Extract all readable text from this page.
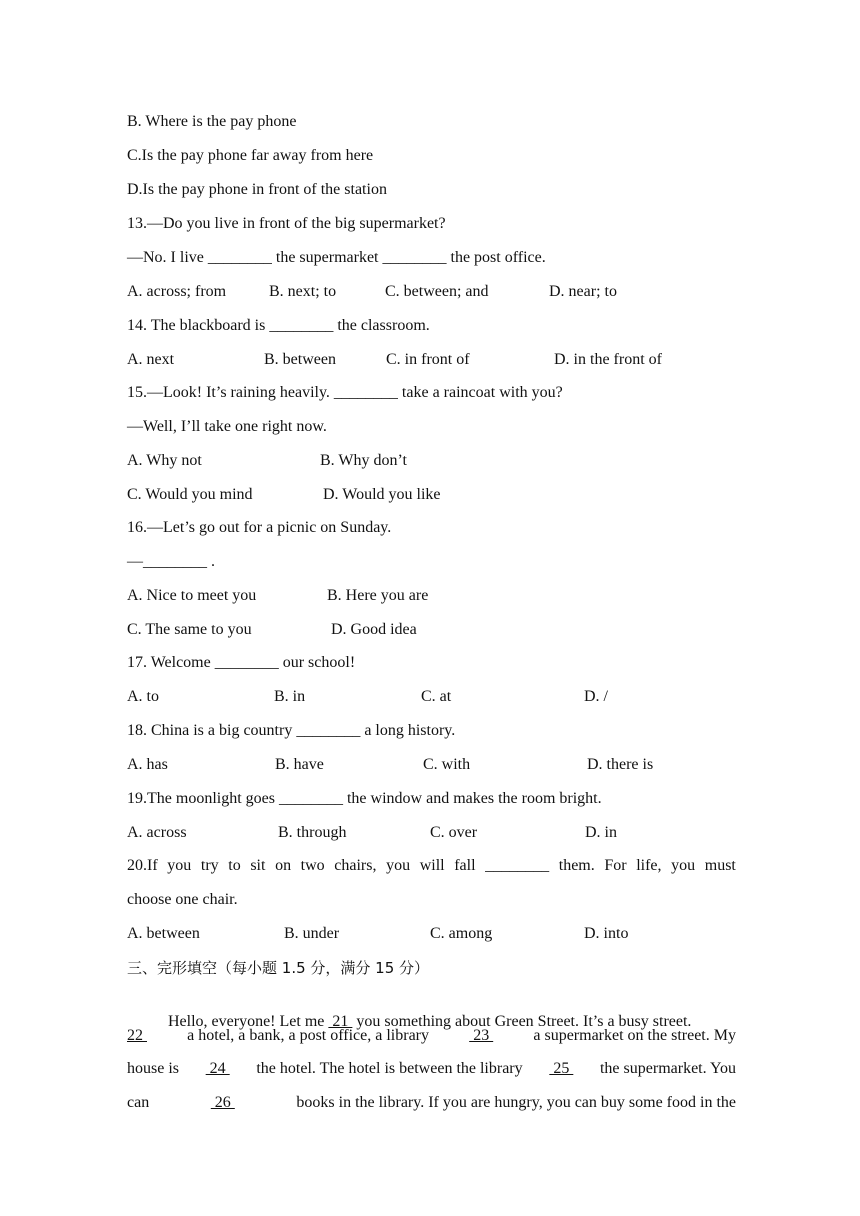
B. Where is the pay phone
C.Is the pay phone far away from here
D.Is the pay phone in front of the station
13.—Do you live in front of the big supermarket?
—No. I live ________ the supermarket ________ the post office.
A. across; from	B. next; to	C. between; and	D. near; to
14. The blackboard is ________ the classroom.
A. next	B. between	C. in front of	D. in the front of
15.—Look! It’s raining heavily. ________ take a raincoat with you?
—Well, I’ll take one right now.
A. Why not	B. Why don’t
C. Would you mind	D. Would you like
16.—Let’s go out for a picnic on Sunday.
—________ .
A. Nice to meet you	B. Here you are
C. The same to you	D. Good idea
17. Welcome ________ our school!
A. to	B. in	C. at	D. /
18. China is a big country ________ a long history.
A. has	B. have	C. with	D. there is
19.The moonlight goes ________ the window and makes the room bright.
A. across	B. through	C. over	D. in
20.If you try to sit on two chairs, you will fall ________ them. For life, you must
choose one chair.
A. between	B. under	C. among	D. into
三、完形填空（每小题 1.5 分，满分 15 分）

Hello, everyone! Let me  21  you something about Green Street. It’s a busy street.

22	a hotel, a bank, a post office, a library	23	a supermarket on the street. My
house is 24 the hotel. The hotel is between the library 25 the supermarket. You
can	26	books in the library. If you are hungry, you can buy some food in the
